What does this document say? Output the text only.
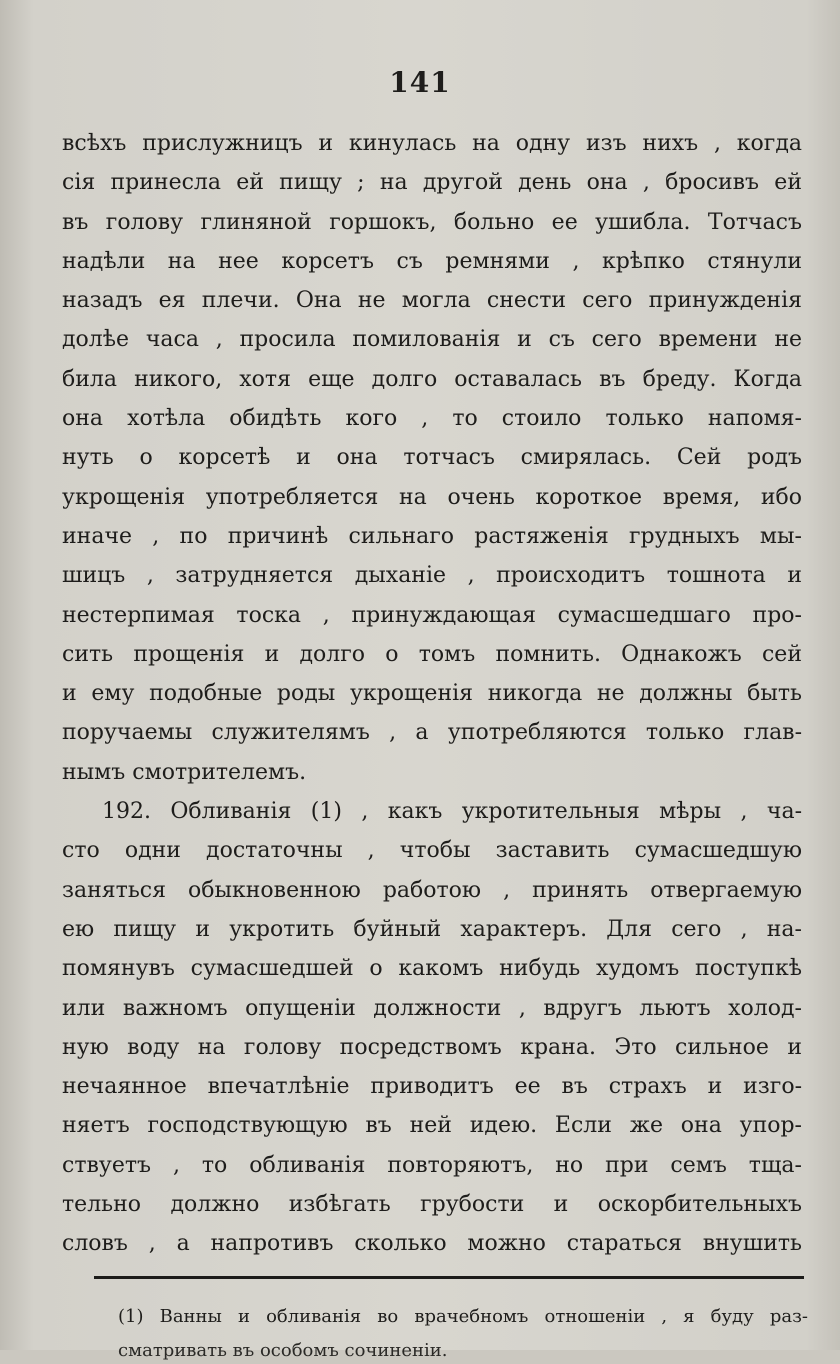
141
всѣхъ прислужницъ и кинулась на одну изъ нихъ , когда
сія принесла ей пищу ; на другой день она , бросивъ ей
въ голову глиняной горшокъ, больно ее ушибла. Тотчасъ
надѣли на нее корсетъ съ ремнями , крѣпко стянули
назадъ ея плечи. Она не могла снести сего принужденія
долѣе часа , просила помилованія и съ сего времени не
била никого, хотя еще долго оставалась въ бреду. Когда
она хотѣла обидѣть кого , то стоило только напомя-
нуть о корсетѣ и она тотчасъ смирялась. Сей родъ
укрощенія употребляется на очень короткое время, ибо
иначе , по причинѣ сильнаго растяженія грудныхъ мы-
шицъ , затрудняется дыханіе , происходитъ тошнота и
нестерпимая тоска , принуждающая сумасшедшаго про-
сить прощенія и долго о томъ помнить. Однакожъ сей
и ему подобные роды укрощенія никогда не должны быть
поручаемы служителямъ , а употребляются только глав-
нымъ смотрителемъ.
192. Обливанія (1) , какъ укротительныя мѣры , ча-
сто одни достаточны , чтобы заставить сумасшедшую
заняться обыкновенною работою , принять отвергаемую
ею пищу и укротить буйный характеръ. Для сего , на-
помянувъ сумасшедшей о какомъ нибудь худомъ поступкѣ
или важномъ опущеніи должности , вдругъ льютъ холод-
ную воду на голову посредствомъ крана. Это сильное и
нечаянное впечатлѣніе приводитъ ее въ страхъ и изго-
няетъ господствующую въ ней идею. Если же она упор-
ствуетъ , то обливанія повторяютъ, но при семъ тща-
тельно должно избѣгать грубости и оскорбительныхъ
словъ , а напротивъ сколько можно стараться внушить
(1) Ванны и обливанія во врачебномъ отношеніи , я буду раз-
сматривать въ особомъ сочиненіи.
